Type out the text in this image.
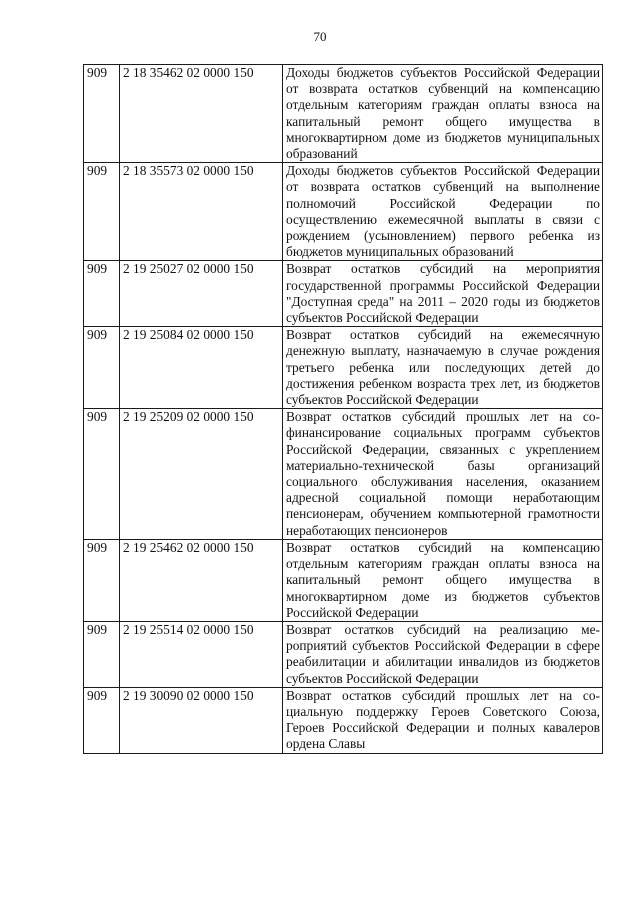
70
909	2 18 35462 02 0000 150	Доходы бюджетов субъектов Российской Федерации от возврата остатков субвенций на компенсацию отдельным категориям граждан оплаты взноса на капитальный ремонт общего имущества в многоквартирном доме из бюджетов муниципальных образований
909	2 18 35573 02 0000 150	Доходы бюджетов субъектов Российской Федерации от возврата остатков субвенций на выполнение полномочий Российской Федерации по осуществлению ежемесячной выплаты в связи с рождением (усыновлением) первого ребенка из бюджетов муниципальных образований
909	2 19 25027 02 0000 150	Возврат остатков субсидий на мероприятия государственной программы Российской Федерации "Доступная среда" на 2011 – 2020 годы из бюджетов субъектов Российской Федерации
909	2 19 25084 02 0000 150	Возврат остатков субсидий на ежемесячную денежную выплату, назначаемую в случае рождения третьего ребенка или последующих детей до достижения ребенком возраста трех лет, из бюджетов субъектов Российской Федерации
909	2 19 25209 02 0000 150	Возврат остатков субсидий прошлых лет на софинансирование социальных программ субъектов Российской Федерации, связанных с укреплением материально-технической базы организаций социального обслуживания населения, оказанием адресной социальной помощи неработающим пенсионерам, обучением компьютерной грамотности неработающих пенсионеров
909	2 19 25462 02 0000 150	Возврат остатков субсидий на компенсацию отдельным категориям граждан оплаты взноса на капитальный ремонт общего имущества в многоквартирном доме из бюджетов субъектов Российской Федерации
909	2 19 25514 02 0000 150	Возврат остатков субсидий на реализацию мероприятий субъектов Российской Федерации в сфере реабилитации и абилитации инвалидов из бюджетов субъектов Российской Федерации
909	2 19 30090 02 0000 150	Возврат остатков субсидий прошлых лет на социальную поддержку Героев Советского Союза, Героев Российской Федерации и полных кавалеров ордена Славы
